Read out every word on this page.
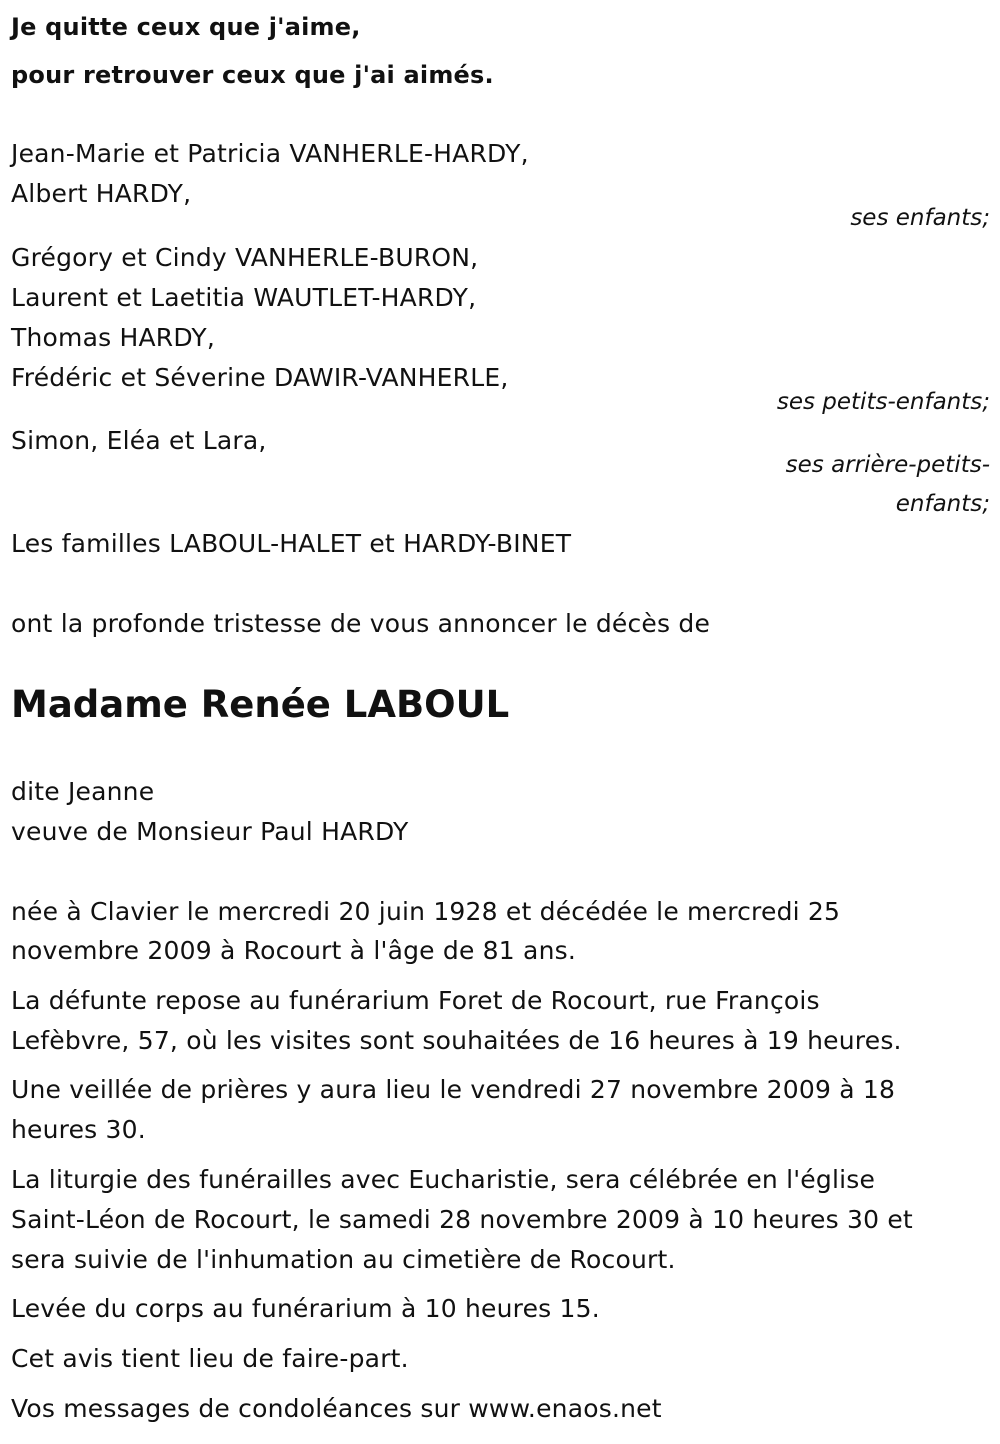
Je quitte ceux que j'aime,
pour retrouver ceux que j'ai aimés.
Jean-Marie et Patricia VANHERLE-HARDY,
Albert HARDY,
ses enfants;
Grégory et Cindy VANHERLE-BURON,
Laurent et Laetitia WAUTLET-HARDY,
Thomas HARDY,
Frédéric et Séverine DAWIR-VANHERLE,
ses petits-enfants;
Simon, Eléa et Lara,
ses arrière-petits-
enfants;
Les familles LABOUL-HALET et HARDY-BINET
ont la profonde tristesse de vous annoncer le décès de
Madame Renée LABOUL
dite Jeanne
veuve de Monsieur Paul HARDY
née à Clavier le mercredi 20 juin 1928 et décédée le mercredi 25
novembre 2009 à Rocourt à l'âge de 81 ans.
La défunte repose au funérarium Foret de Rocourt, rue François
Lefèbvre, 57, où les visites sont souhaitées de 16 heures à 19 heures.
Une veillée de prières y aura lieu le vendredi 27 novembre 2009 à 18
heures 30.
La liturgie des funérailles avec Eucharistie, sera célébrée en l'église
Saint-Léon de Rocourt, le samedi 28 novembre 2009 à 10 heures 30 et
sera suivie de l'inhumation au cimetière de Rocourt.
Levée du corps au funérarium à 10 heures 15.
Cet avis tient lieu de faire-part.
Vos messages de condoléances sur www.enaos.net
